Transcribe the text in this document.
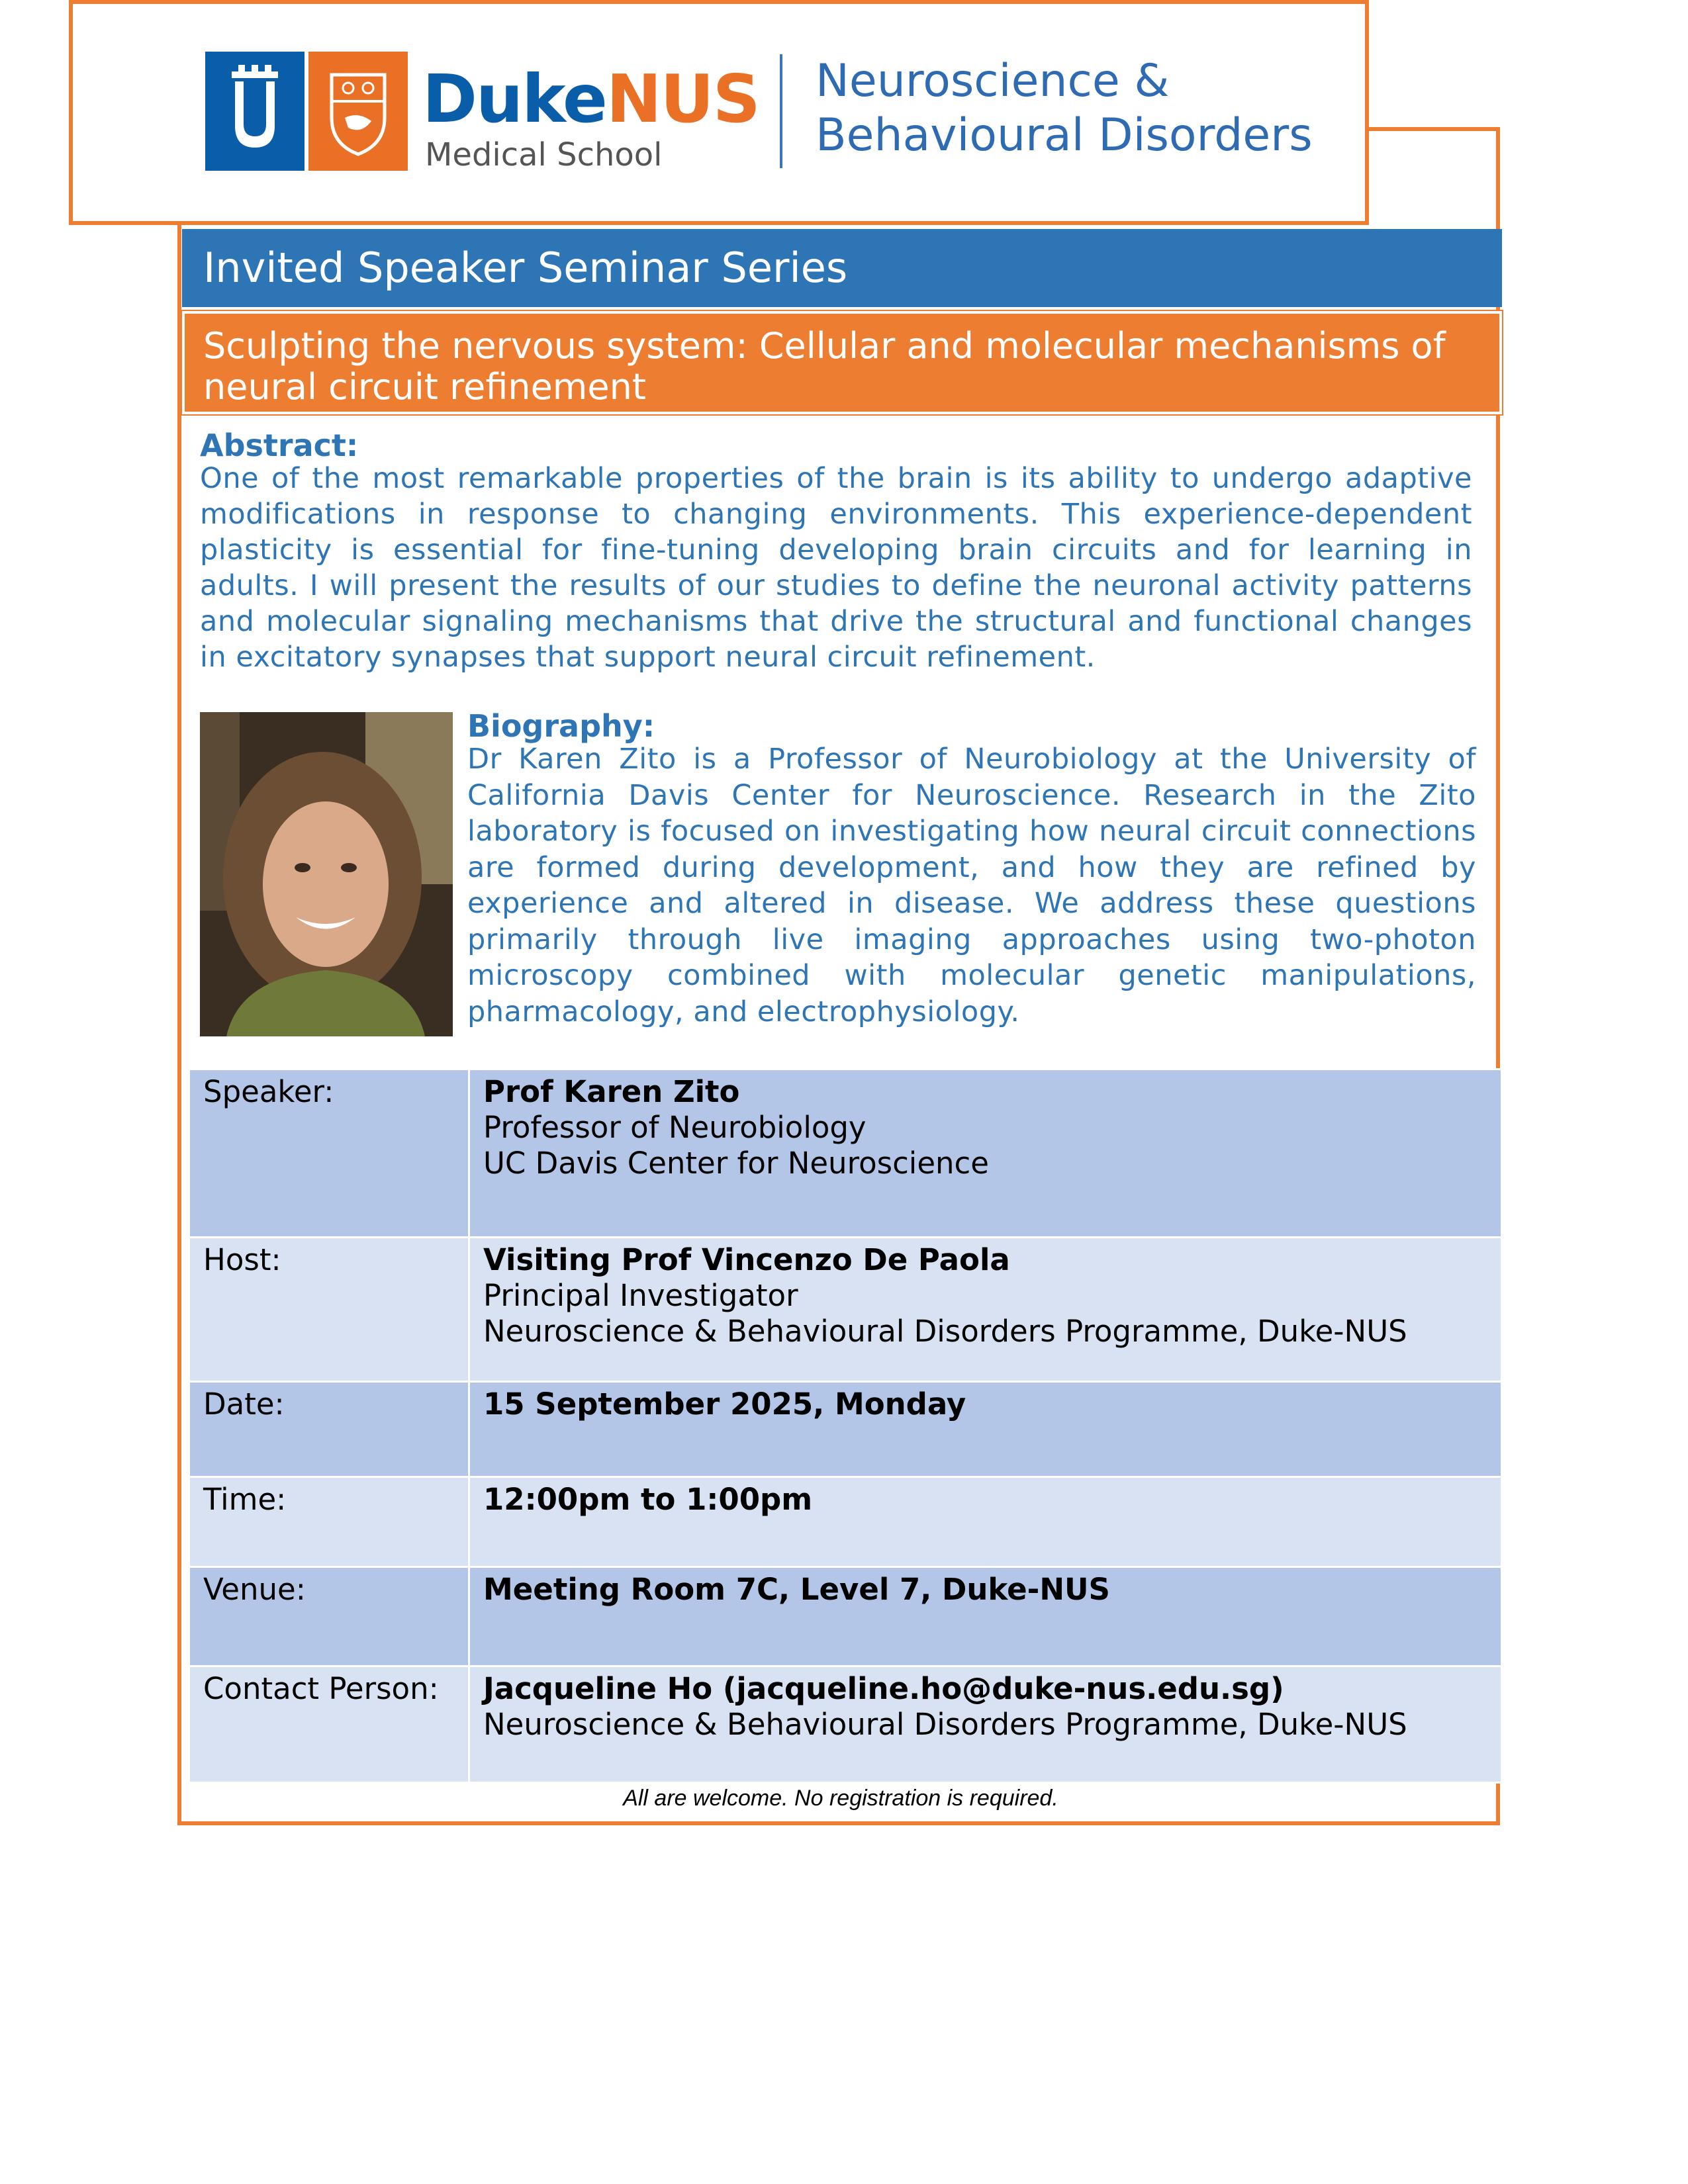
DukeNUS
Medical School
Neuroscience &
Behavioural Disorders
Invited Speaker Seminar Series
Sculpting the nervous system: Cellular and molecular mechanisms of neural circuit refinement
Abstract:
One of the most remarkable properties of the brain is its ability to undergo adaptive modifications in response to changing environments. This experience-dependent plasticity is essential for fine-tuning developing brain circuits and for learning in adults. I will present the results of our studies to define the neuronal activity patterns and molecular signaling mechanisms that drive the structural and functional changes in excitatory synapses that support neural circuit refinement.
Biography:
Dr Karen Zito is a Professor of Neurobiology at the University of California Davis Center for Neuroscience. Research in the Zito laboratory is focused on investigating how neural circuit connections are formed during development, and how they are refined by experience and altered in disease. We address these questions primarily through live imaging approaches using two-photon microscopy combined with molecular genetic manipulations, pharmacology, and electrophysiology.
Speaker:	Prof Karen Zito
Professor of Neurobiology
UC Davis Center for Neuroscience

Host:	Visiting Prof Vincenzo De Paola
Principal Investigator
Neuroscience & Behavioural Disorders Programme, Duke-NUS

Date:	15 September 2025, Monday
Time:	12:00pm to 1:00pm
Venue:	Meeting Room 7C, Level 7, Duke-NUS
Contact Person:	Jacqueline Ho (jacqueline.ho@duke-nus.edu.sg)
Neuroscience & Behavioural Disorders Programme, Duke-NUS
All are welcome. No registration is required.
